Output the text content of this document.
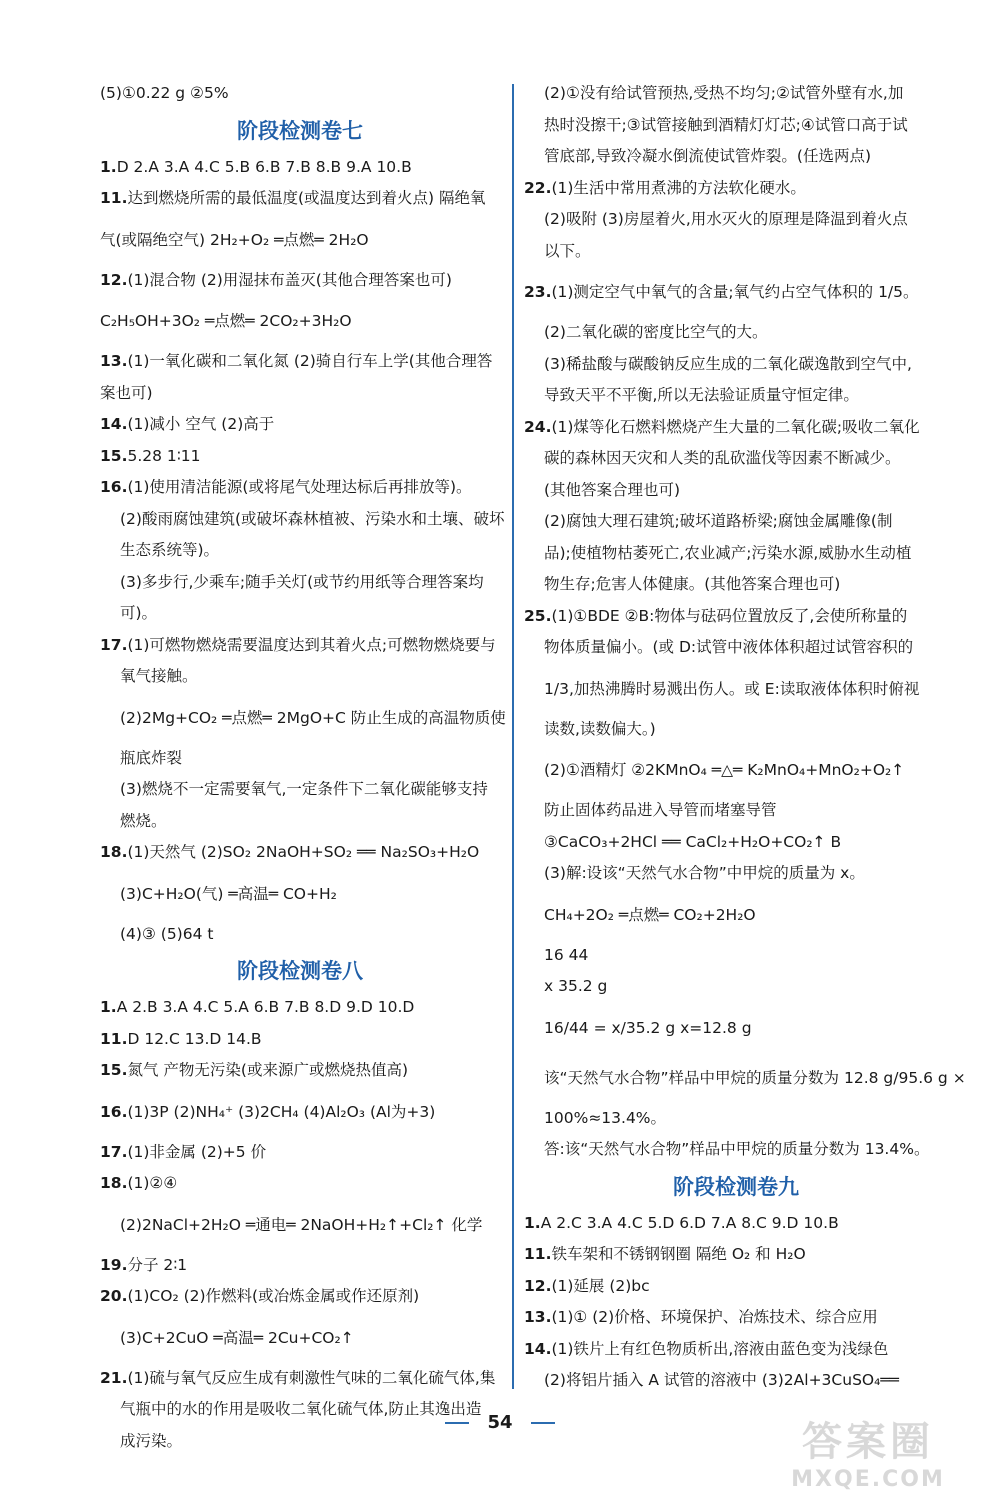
(5)①0.22 g ②5%
阶段检测卷七
1.D 2.A 3.A 4.C 5.B 6.B 7.B 8.B 9.A 10.B
11.达到燃烧所需的最低温度(或温度达到着火点) 隔绝氧
气(或隔绝空气) 2H₂+O₂ ═点燃═ 2H₂O
12.(1)混合物 (2)用湿抹布盖灭(其他合理答案也可)
C₂H₅OH+3O₂ ═点燃═ 2CO₂+3H₂O
13.(1)一氧化碳和二氧化氮 (2)骑自行车上学(其他合理答
案也可)
14.(1)减小 空气 (2)高于
15.5.28 1∶11
16.(1)使用清洁能源(或将尾气处理达标后再排放等)。
(2)酸雨腐蚀建筑(或破坏森林植被、污染水和土壤、破坏
生态系统等)。
(3)多步行,少乘车;随手关灯(或节约用纸等合理答案均
可)。
17.(1)可燃物燃烧需要温度达到其着火点;可燃物燃烧要与
氧气接触。
(2)2Mg+CO₂ ═点燃═ 2MgO+C 防止生成的高温物质使
瓶底炸裂
(3)燃烧不一定需要氧气,一定条件下二氧化碳能够支持
燃烧。
18.(1)天然气 (2)SO₂ 2NaOH+SO₂ ══ Na₂SO₃+H₂O
(3)C+H₂O(气) ═高温═ CO+H₂
(4)③ (5)64 t
阶段检测卷八
1.A 2.B 3.A 4.C 5.A 6.B 7.B 8.D 9.D 10.D
11.D 12.C 13.D 14.B
15.氮气 产物无污染(或来源广或燃烧热值高)
16.(1)3P (2)NH₄⁺ (3)2CH₄ (4)Al₂O₃ (Al为+3)
17.(1)非金属 (2)+5 价
18.(1)②④
(2)2NaCl+2H₂O ═通电═ 2NaOH+H₂↑+Cl₂↑ 化学
19.分子 2∶1
20.(1)CO₂ (2)作燃料(或冶炼金属或作还原剂)
(3)C+2CuO ═高温═ 2Cu+CO₂↑
21.(1)硫与氧气反应生成有刺激性气味的二氧化硫气体,集
气瓶中的水的作用是吸收二氧化硫气体,防止其逸出造
成污染。
(2)①没有给试管预热,受热不均匀;②试管外壁有水,加
热时没擦干;③试管接触到酒精灯灯芯;④试管口高于试
管底部,导致冷凝水倒流使试管炸裂。(任选两点)
22.(1)生活中常用煮沸的方法软化硬水。
(2)吸附 (3)房屋着火,用水灭火的原理是降温到着火点
以下。
23.(1)测定空气中氧气的含量;氧气约占空气体积的 1/5。
(2)二氧化碳的密度比空气的大。
(3)稀盐酸与碳酸钠反应生成的二氧化碳逸散到空气中,
导致天平不平衡,所以无法验证质量守恒定律。
24.(1)煤等化石燃料燃烧产生大量的二氧化碳;吸收二氧化
碳的森林因天灾和人类的乱砍滥伐等因素不断减少。
(其他答案合理也可)
(2)腐蚀大理石建筑;破坏道路桥梁;腐蚀金属雕像(制
品);使植物枯萎死亡,农业减产;污染水源,威胁水生动植
物生存;危害人体健康。(其他答案合理也可)
25.(1)①BDE ②B:物体与砝码位置放反了,会使所称量的
物体质量偏小。(或 D:试管中液体体积超过试管容积的
1/3,加热沸腾时易溅出伤人。或 E:读取液体体积时俯视
读数,读数偏大。)
(2)①酒精灯 ②2KMnO₄ ═△═ K₂MnO₄+MnO₂+O₂↑
防止固体药品进入导管而堵塞导管
③CaCO₃+2HCl ══ CaCl₂+H₂O+CO₂↑ B
(3)解:设该“天然气水合物”中甲烷的质量为 x。
CH₄+2O₂ ═点燃═ CO₂+2H₂O
16 44
x 35.2 g
16/44 = x/35.2 g x=12.8 g
该“天然气水合物”样品中甲烷的质量分数为 12.8 g/95.6 g ×
100%≈13.4%。
答:该“天然气水合物”样品中甲烷的质量分数为 13.4%。
阶段检测卷九
1.A 2.C 3.A 4.C 5.D 6.D 7.A 8.C 9.D 10.B
11.铁车架和不锈钢钢圈 隔绝 O₂ 和 H₂O
12.(1)延展 (2)bc
13.(1)① (2)价格、环境保护、冶炼技术、综合应用
14.(1)铁片上有红色物质析出,溶液由蓝色变为浅绿色
(2)将铝片插入 A 试管的溶液中 (3)2Al+3CuSO₄══
54	答案圈
MXQE.COM
